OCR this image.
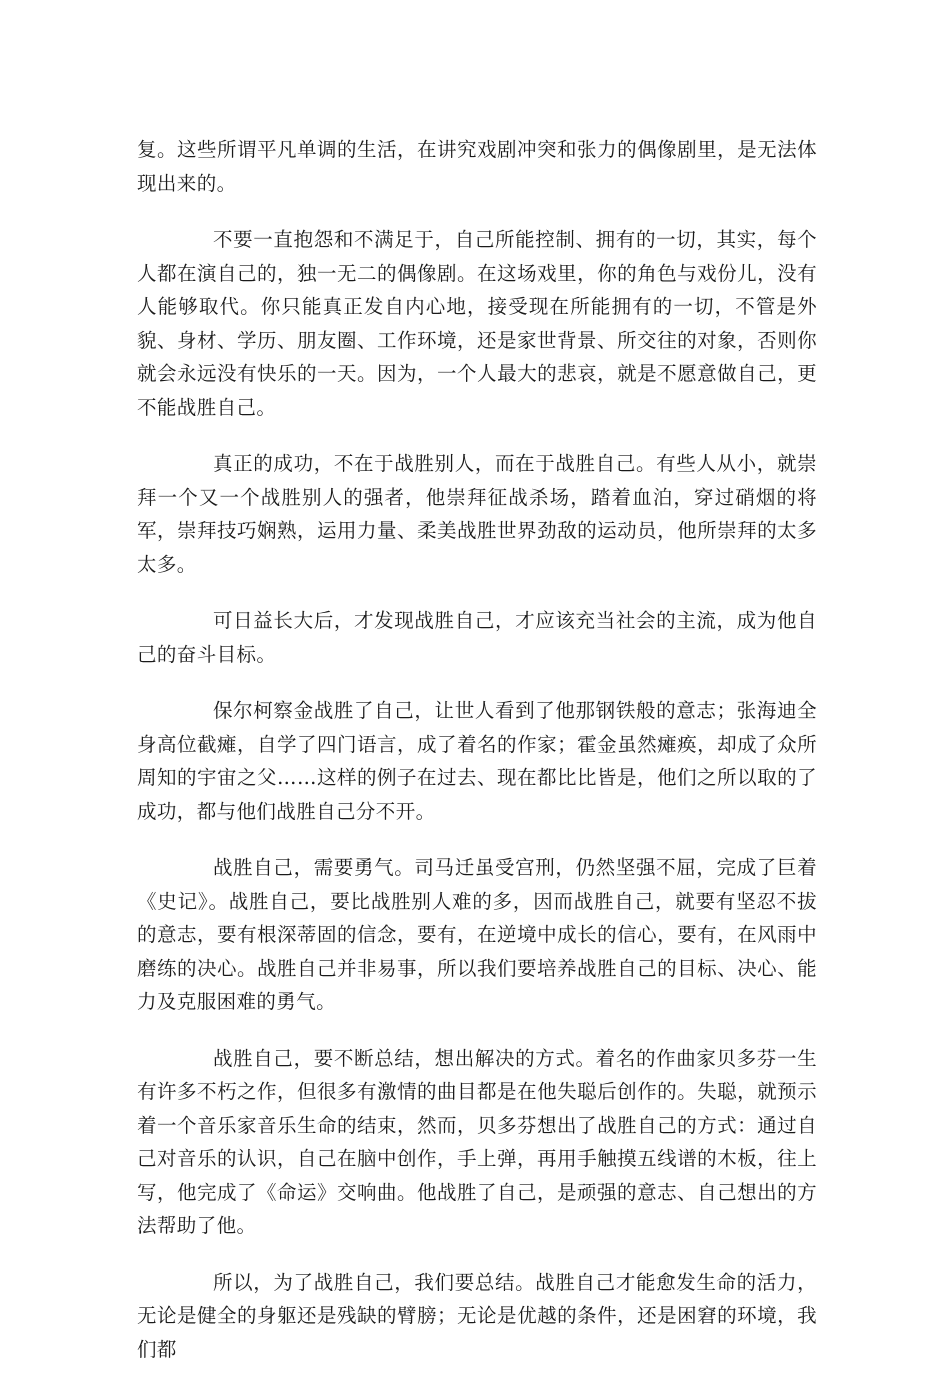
复。这些所谓平凡单调的生活，在讲究戏剧冲突和张力的偶像剧里，是无法体现出来的。

不要一直抱怨和不满足于，自己所能控制、拥有的一切，其实，每个人都在演自己的，独一无二的偶像剧。在这场戏里，你的角色与戏份儿，没有人能够取代。你只能真正发自内心地，接受现在所能拥有的一切，不管是外貌、身材、学历、朋友圈、工作环境，还是家世背景、所交往的对象，否则你就会永远没有快乐的一天。因为，一个人最大的悲哀，就是不愿意做自己，更不能战胜自己。

真正的成功，不在于战胜别人，而在于战胜自己。有些人从小，就崇拜一个又一个战胜别人的强者，他崇拜征战杀场，踏着血泊，穿过硝烟的将军，崇拜技巧娴熟，运用力量、柔美战胜世界劲敌的运动员，他所崇拜的太多太多。

可日益长大后，才发现战胜自己，才应该充当社会的主流，成为他自己的奋斗目标。

保尔柯察金战胜了自己，让世人看到了他那钢铁般的意志；张海迪全身高位截瘫，自学了四门语言，成了着名的作家；霍金虽然瘫痪，却成了众所周知的宇宙之父……这样的例子在过去、现在都比比皆是，他们之所以取的了成功，都与他们战胜自己分不开。

战胜自己，需要勇气。司马迁虽受宫刑，仍然坚强不屈，完成了巨着《史记》。战胜自己，要比战胜别人难的多，因而战胜自己，就要有坚忍不拔的意志，要有根深蒂固的信念，要有，在逆境中成长的信心，要有，在风雨中磨练的决心。战胜自己并非易事，所以我们要培养战胜自己的目标、决心、能力及克服困难的勇气。

战胜自己，要不断总结，想出解决的方式。着名的作曲家贝多芬一生有许多不朽之作，但很多有激情的曲目都是在他失聪后创作的。失聪，就预示着一个音乐家音乐生命的结束，然而，贝多芬想出了战胜自己的方式：通过自己对音乐的认识，自己在脑中创作，手上弹，再用手触摸五线谱的木板，往上写，他完成了《命运》交响曲。他战胜了自己，是顽强的意志、自己想出的方法帮助了他。

所以，为了战胜自己，我们要总结。战胜自己才能愈发生命的活力，无论是健全的身躯还是残缺的臂膀；无论是优越的条件，还是困窘的环境，我们都
